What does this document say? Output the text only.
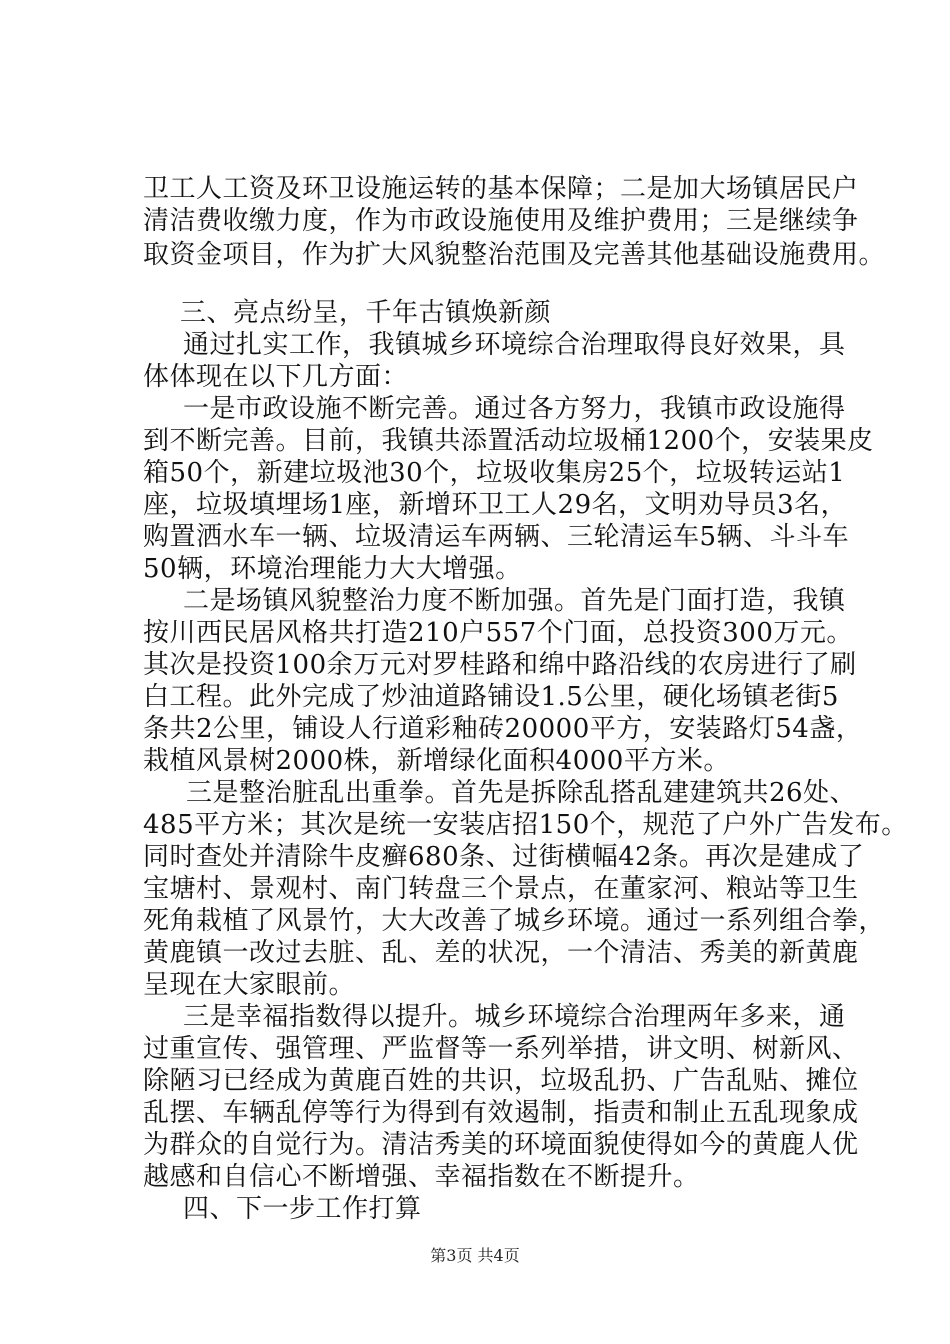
卫工人工资及环卫设施运转的基本保障；二是加大场镇居民户
清洁费收缴力度，作为市政设施使用及维护费用；三是继续争
取资金项目，作为扩大风貌整治范围及完善其他基础设施费用。
三、亮点纷呈，千年古镇焕新颜
通过扎实工作，我镇城乡环境综合治理取得良好效果，具
体体现在以下几方面：
一是市政设施不断完善。通过各方努力，我镇市政设施得
到不断完善。目前，我镇共添置活动垃圾桶1200个，安装果皮
箱50个，新建垃圾池30个，垃圾收集房25个，垃圾转运站1
座，垃圾填埋场1座，新增环卫工人29名，文明劝导员3名，
购置洒水车一辆、垃圾清运车两辆、三轮清运车5辆、斗斗车
50辆，环境治理能力大大增强。
二是场镇风貌整治力度不断加强。首先是门面打造，我镇
按川西民居风格共打造210户557个门面，总投资300万元。
其次是投资100余万元对罗桂路和绵中路沿线的农房进行了刷
白工程。此外完成了炒油道路铺设1.5公里，硬化场镇老街5
条共2公里，铺设人行道彩釉砖20000平方，安装路灯54盏，
栽植风景树2000株，新增绿化面积4000平方米。
三是整治脏乱出重拳。首先是拆除乱搭乱建建筑共26处、
485平方米；其次是统一安装店招150个，规范了户外广告发布。
同时查处并清除牛皮癣680条、过街横幅42条。再次是建成了
宝塘村、景观村、南门转盘三个景点，在董家河、粮站等卫生
死角栽植了风景竹，大大改善了城乡环境。通过一系列组合拳，
黄鹿镇一改过去脏、乱、差的状况，一个清洁、秀美的新黄鹿
呈现在大家眼前。
三是幸福指数得以提升。城乡环境综合治理两年多来，通
过重宣传、强管理、严监督等一系列举措，讲文明、树新风、
除陋习已经成为黄鹿百姓的共识，垃圾乱扔、广告乱贴、摊位
乱摆、车辆乱停等行为得到有效遏制，指责和制止五乱现象成
为群众的自觉行为。清洁秀美的环境面貌使得如今的黄鹿人优
越感和自信心不断增强、幸福指数在不断提升。
四、下一步工作打算
第3页 共4页
